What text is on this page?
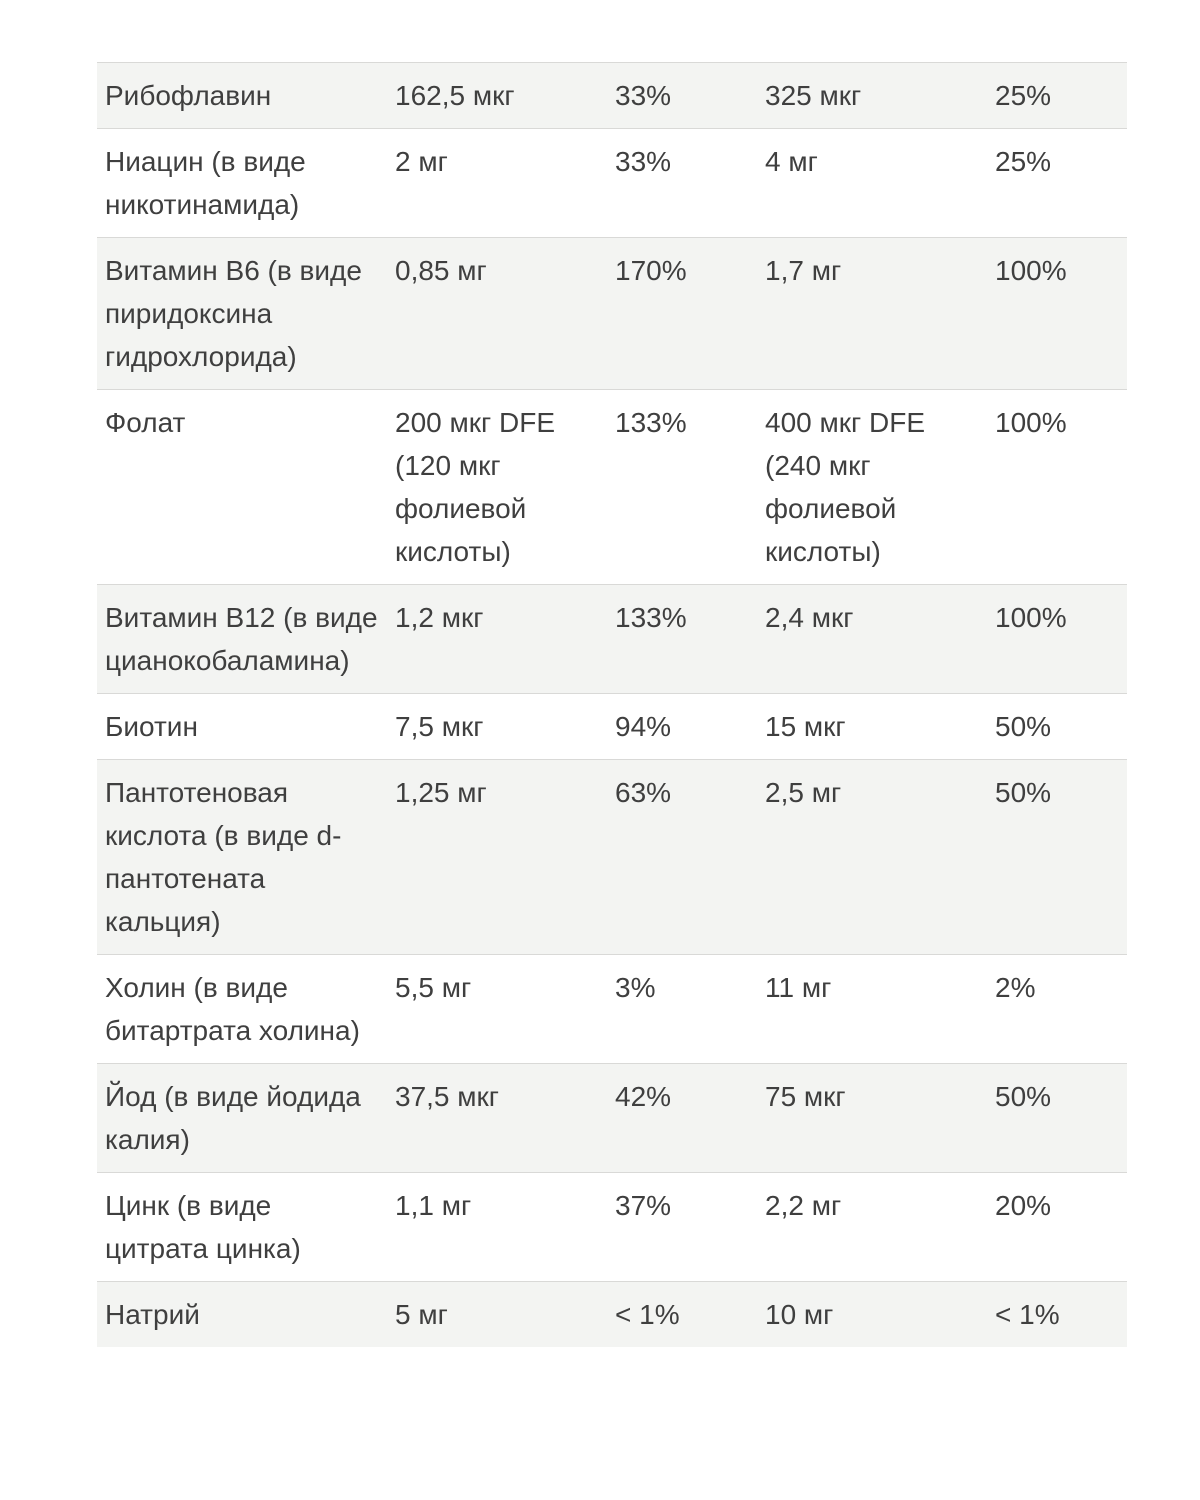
Рибофлавин	162,5 мкг	33%	325 мкг	25%
Ниацин (в виде никотинамида)	2 мг	33%	4 мг	25%
Витамин B6 (в виде пиридоксина гидрохлорида)	0,85 мг	170%	1,7 мг	100%
Фолат	200 мкг DFE (120 мкг фолиевой кислоты)	133%	400 мкг DFE (240 мкг фолиевой кислоты)	100%
Витамин B12 (в виде цианокобаламина)	1,2 мкг	133%	2,4 мкг	100%
Биотин	7,5 мкг	94%	15 мкг	50%
Пантотеновая кислота (в виде d-пантотената кальция)	1,25 мг	63%	2,5 мг	50%
Холин (в виде битартрата холина)	5,5 мг	3%	11 мг	2%
Йод (в виде йодида калия)	37,5 мкг	42%	75 мкг	50%
Цинк (в виде цитрата цинка)	1,1 мг	37%	2,2 мг	20%
Натрий	5 мг	< 1%	10 мг	< 1%
